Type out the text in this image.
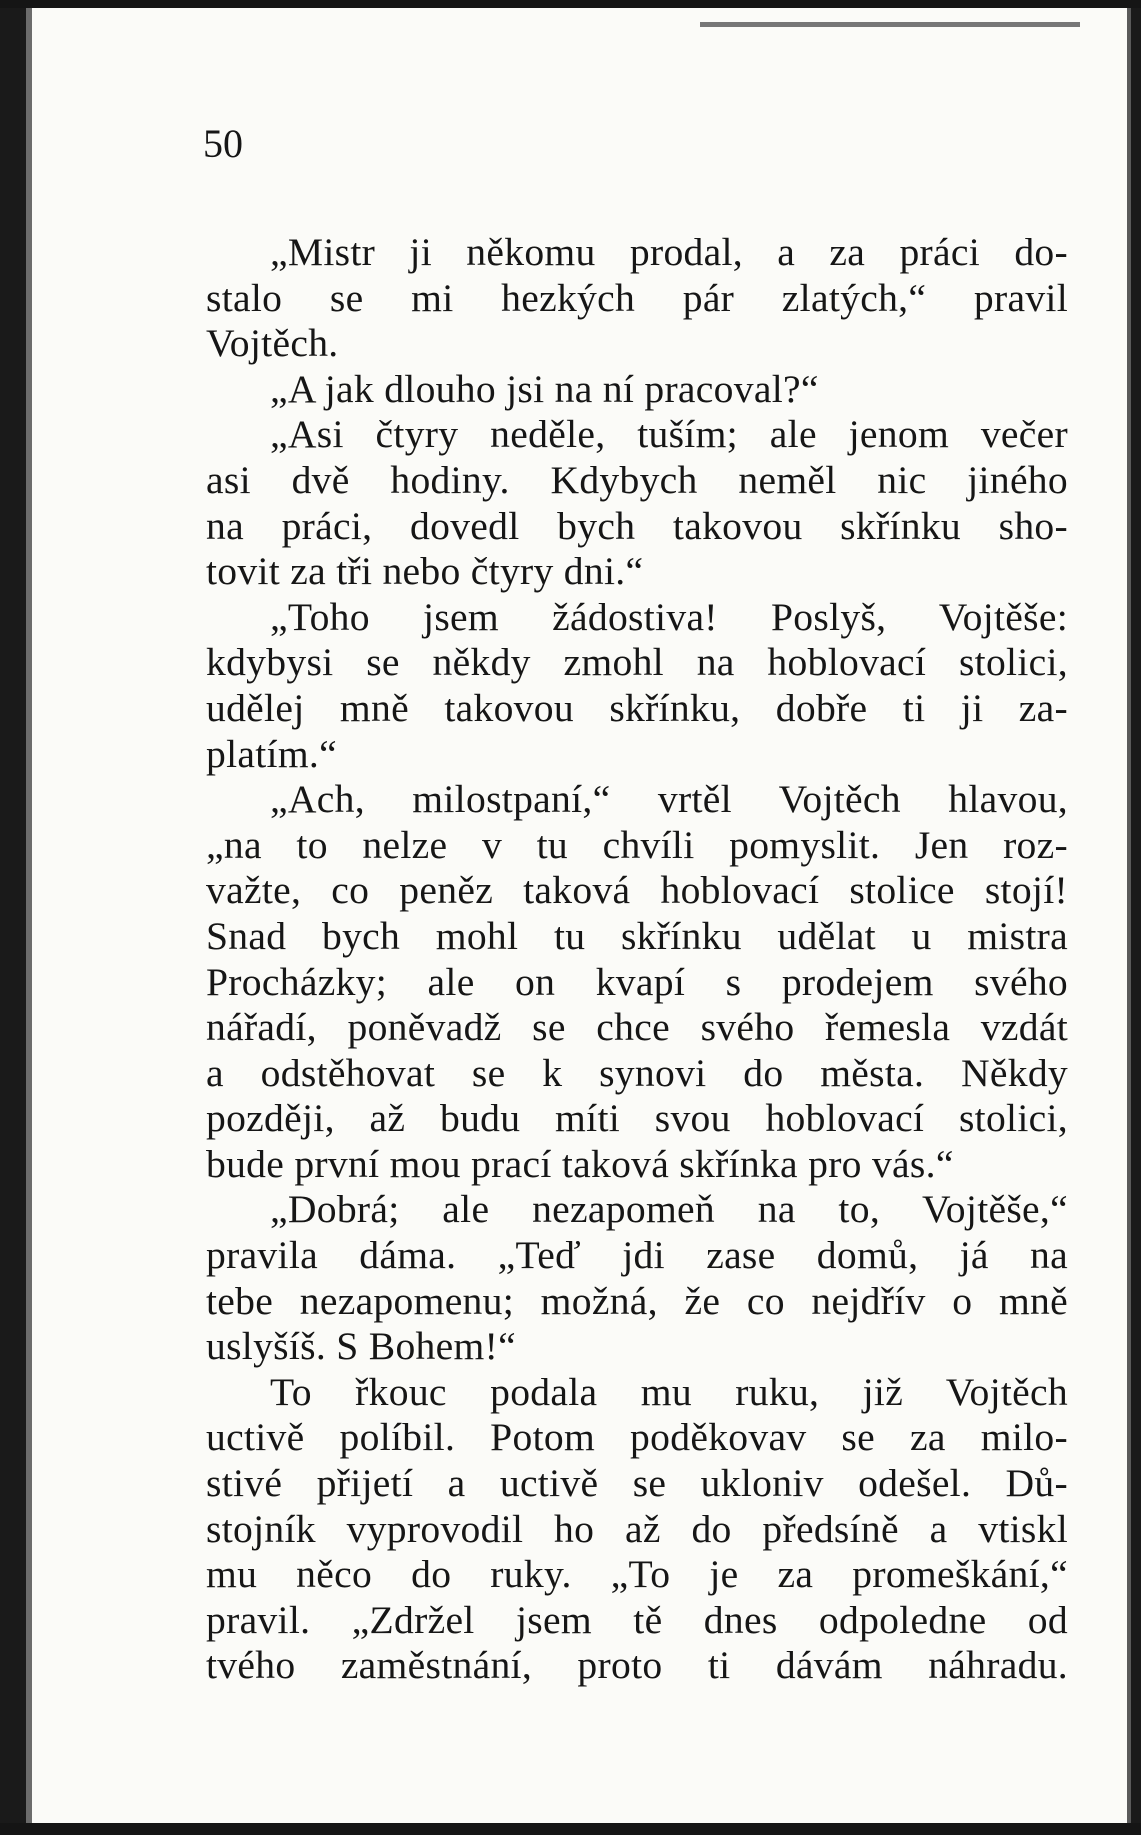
50
„Mistr ji někomu prodal, a za práci do-
stalo se mi hezkých pár zlatých,“ pravil
Vojtěch.
„A jak dlouho jsi na ní pracoval?“
„Asi čtyry neděle, tuším; ale jenom večer
asi dvě hodiny. Kdybych neměl nic jiného
na práci, dovedl bych takovou skřínku sho-
tovit za tři nebo čtyry dni.“
„Toho jsem žádostiva! Poslyš, Vojtěše:
kdybysi se někdy zmohl na hoblovací stolici,
udělej mně takovou skřínku, dobře ti ji za-
platím.“
„Ach, milostpaní,“ vrtěl Vojtěch hlavou,
„na to nelze v tu chvíli pomyslit. Jen roz-
važte, co peněz taková hoblovací stolice stojí!
Snad bych mohl tu skřínku udělat u mistra
Procházky; ale on kvapí s prodejem svého
nářadí, poněvadž se chce svého řemesla vzdát
a odstěhovat se k synovi do města. Někdy
později, až budu míti svou hoblovací stolici,
bude první mou prací taková skřínka pro vás.“
„Dobrá; ale nezapomeň na to, Vojtěše,“
pravila dáma. „Teď jdi zase domů, já na
tebe nezapomenu; možná, že co nejdřív o mně
uslyšíš. S Bohem!“
To řkouc podala mu ruku, již Vojtěch
uctivě políbil. Potom poděkovav se za milo-
stivé přijetí a uctivě se ukloniv odešel. Dů-
stojník vyprovodil ho až do předsíně a vtiskl
mu něco do ruky. „To je za promeškání,“
pravil. „Zdržel jsem tě dnes odpoledne od
tvého zaměstnání, proto ti dávám náhradu.
